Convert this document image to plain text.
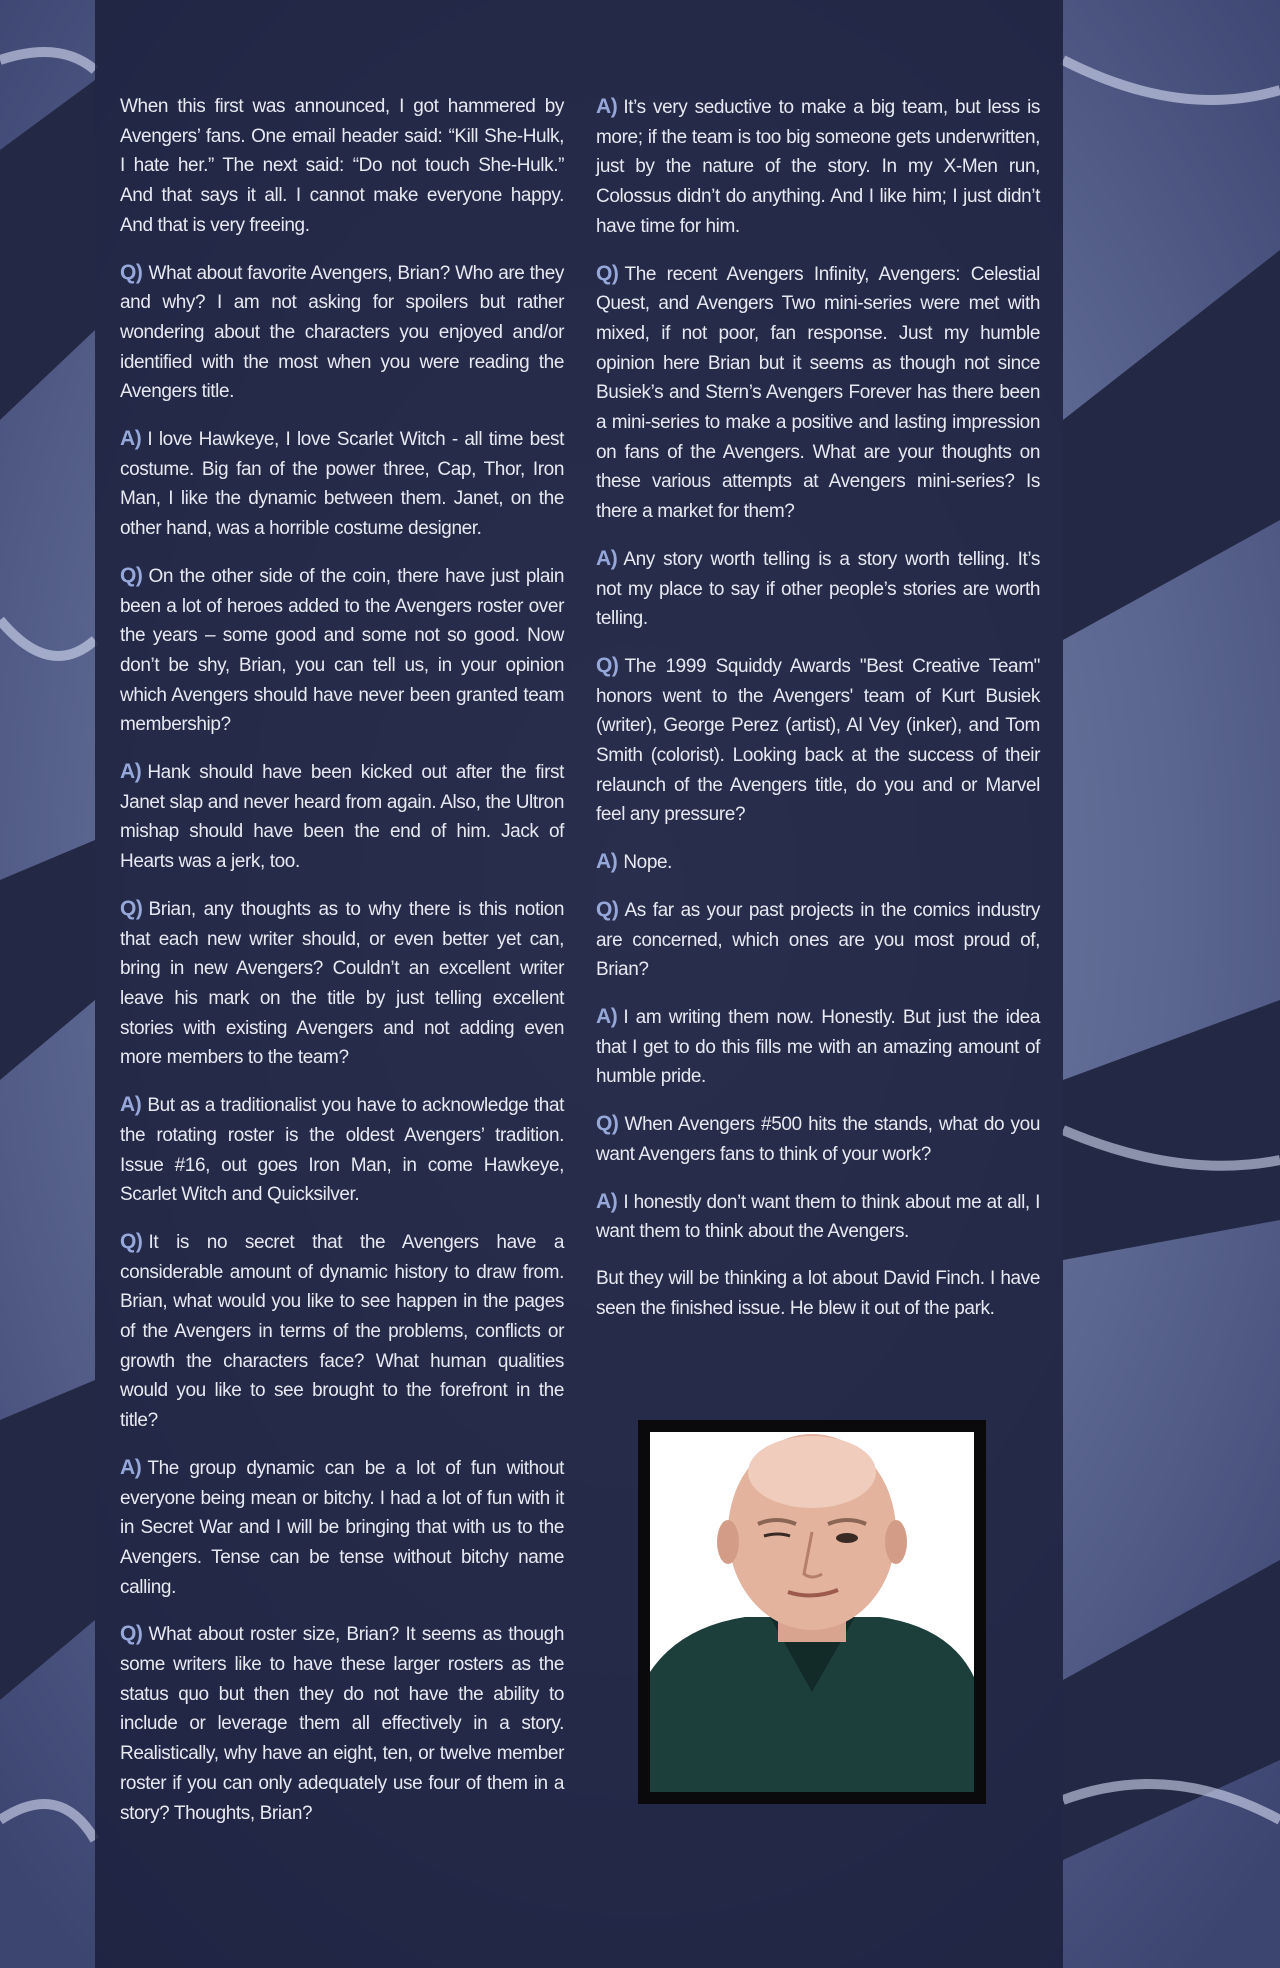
When this first was announced, I got hammered by Avengers’ fans. One email header said: “Kill She-Hulk, I hate her.” The next said: “Do not touch She-Hulk.” And that says it all. I cannot make everyone happy. And that is very freeing.

Q) What about favorite Avengers, Brian? Who are they and why? I am not asking for spoilers but rather wondering about the characters you enjoyed and/or identified with the most when you were reading the Avengers title.

A) I love Hawkeye, I love Scarlet Witch - all time best costume. Big fan of the power three, Cap, Thor, Iron Man, I like the dynamic between them. Janet, on the other hand, was a horrible costume designer.

Q) On the other side of the coin, there have just plain been a lot of heroes added to the Avengers roster over the years – some good and some not so good. Now don’t be shy, Brian, you can tell us, in your opinion which Avengers should have never been granted team membership?

A) Hank should have been kicked out after the first Janet slap and never heard from again. Also, the Ultron mishap should have been the end of him. Jack of Hearts was a jerk, too.

Q) Brian, any thoughts as to why there is this notion that each new writer should, or even better yet can, bring in new Avengers? Couldn’t an excellent writer leave his mark on the title by just telling excellent stories with existing Avengers and not adding even more members to the team?

A) But as a traditionalist you have to acknowledge that the rotating roster is the oldest Avengers’ tradition. Issue #16, out goes Iron Man, in come Hawkeye, Scarlet Witch and Quicksilver.

Q) It is no secret that the Avengers have a considerable amount of dynamic history to draw from. Brian, what would you like to see happen in the pages of the Avengers in terms of the problems, conflicts or growth the characters face? What human qualities would you like to see brought to the forefront in the title?

A) The group dynamic can be a lot of fun without everyone being mean or bitchy. I had a lot of fun with it in Secret War and I will be bringing that with us to the Avengers. Tense can be tense without bitchy name calling.

Q) What about roster size, Brian? It seems as though some writers like to have these larger rosters as the status quo but then they do not have the ability to include or leverage them all effectively in a story. Realistically, why have an eight, ten, or twelve member roster if you can only adequately use four of them in a story? Thoughts, Brian?

A) It’s very seductive to make a big team, but less is more; if the team is too big someone gets underwritten, just by the nature of the story. In my X-Men run, Colossus didn’t do anything. And I like him; I just didn’t have time for him.

Q) The recent Avengers Infinity, Avengers: Celestial Quest, and Avengers Two mini-series were met with mixed, if not poor, fan response. Just my humble opinion here Brian but it seems as though not since Busiek’s and Stern’s Avengers Forever has there been a mini-series to make a positive and lasting impression on fans of the Avengers. What are your thoughts on these various attempts at Avengers mini-series? Is there a market for them?

A) Any story worth telling is a story worth telling. It’s not my place to say if other people’s stories are worth telling.

Q) The 1999 Squiddy Awards "Best Creative Team" honors went to the Avengers' team of Kurt Busiek (writer), George Perez (artist), Al Vey (inker), and Tom Smith (colorist). Looking back at the success of their relaunch of the Avengers title, do you and or Marvel feel any pressure?

A) Nope.

Q) As far as your past projects in the comics industry are concerned, which ones are you most proud of, Brian?

A) I am writing them now. Honestly. But just the idea that I get to do this fills me with an amazing amount of humble pride.

Q) When Avengers #500 hits the stands, what do you want Avengers fans to think of your work?

A) I honestly don’t want them to think about me at all, I want them to think about the Avengers.

But they will be thinking a lot about David Finch. I have seen the finished issue. He blew it out of the park.
